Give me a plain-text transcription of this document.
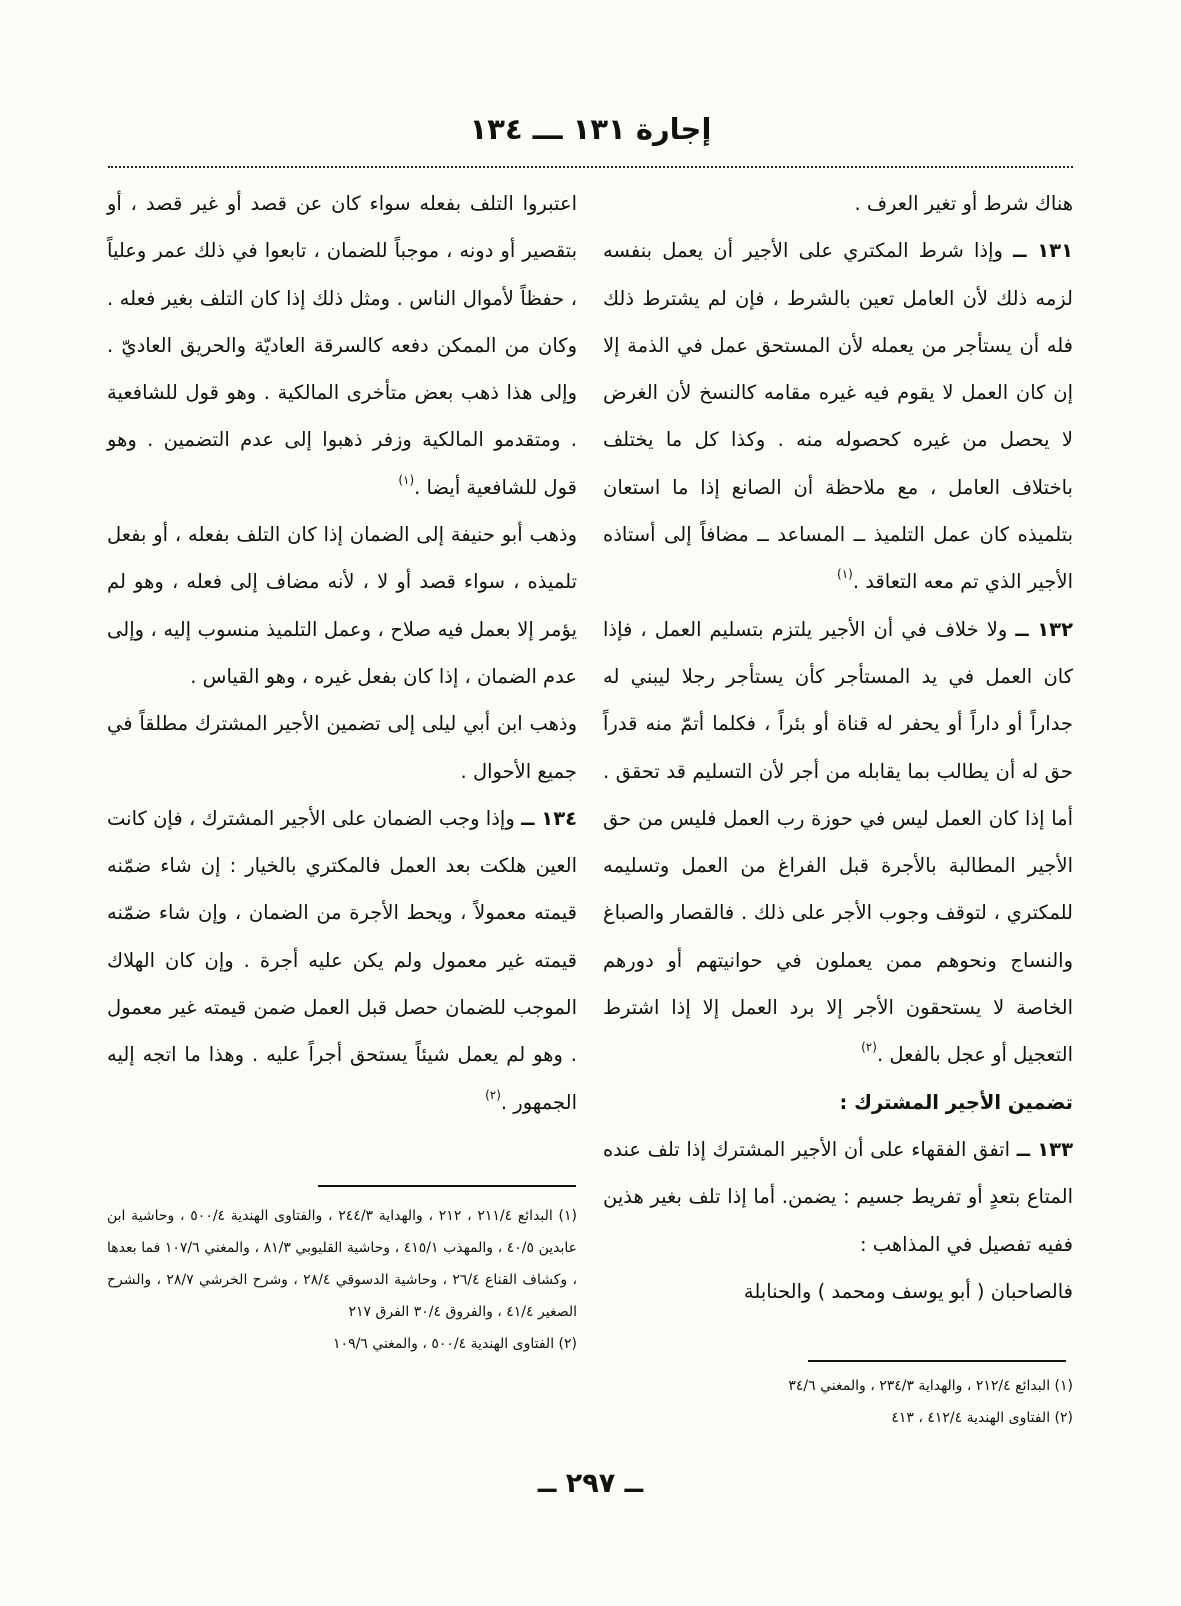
إجارة ١٣١ ـــ ١٣٤

هناك شرط أو تغير العرف .

١٣١ ــ وإذا شرط المكتري على الأجير أن يعمل بنفسه لزمه ذلك لأن العامل تعين بالشرط ، فإن لم يشترط ذلك فله أن يستأجر من يعمله لأن المستحق عمل في الذمة إلا إن كان العمل لا يقوم فيه غيره مقامه كالنسخ لأن الغرض لا يحصل من غيره كحصوله منه . وكذا كل ما يختلف باختلاف العامل ، مع ملاحظة أن الصانع إذا ما استعان بتلميذه كان عمل التلميذ ــ المساعد ــ مضافاً إلى أستاذه الأجير الذي تم معه التعاقد .$^{(١)}$

١٣٢ ــ ولا خلاف في أن الأجير يلتزم بتسليم العمل ، فإذا كان العمل في يد المستأجر كأن يستأجر رجلا ليبني له جداراً أو داراً أو يحفر له قناة أو بئراً ، فكلما أتمّ منه قدراً حق له أن يطالب بما يقابله من أجر لأن التسليم قد تحقق . أما إذا كان العمل ليس في حوزة رب العمل فليس من حق الأجير المطالبة بالأجرة قبل الفراغ من العمل وتسليمه للمكتري ، لتوقف وجوب الأجر على ذلك . فالقصار والصباغ والنساج ونحوهم ممن يعملون في حوانيتهم أو دورهم الخاصة لا يستحقون الأجر إلا برد العمل إلا إذا اشترط التعجيل أو عجل بالفعل .$^{(٢)}$

تضمين الأجير المشترك :

١٣٣ ــ اتفق الفقهاء على أن الأجير المشترك إذا تلف عنده المتاع بتعدٍ أو تفريط جسيم : يضمن. أما إذا تلف بغير هذين ففيه تفصيل في المذاهب :

فالصاحبان ( أبو يوسف ومحمد ) والحنابلة

اعتبروا التلف بفعله سواء كان عن قصد أو غير قصد ، أو بتقصير أو دونه ، موجباً للضمان ، تابعوا في ذلك عمر وعلياً ، حفظاً لأموال الناس . ومثل ذلك إذا كان التلف بغير فعله . وكان من الممكن دفعه كالسرقة العاديّة والحريق العاديّ . وإلى هذا ذهب بعض متأخرى المالكية . وهو قول للشافعية . ومتقدمو المالكية وزفر ذهبوا إلى عدم التضمين . وهو قول للشافعية أيضا .$^{(١)}$

وذهب أبو حنيفة إلى الضمان إذا كان التلف بفعله ، أو بفعل تلميذه ، سواء قصد أو لا ، لأنه مضاف إلى فعله ، وهو لم يؤمر إلا بعمل فيه صلاح ، وعمل التلميذ منسوب إليه ، وإلى عدم الضمان ، إذا كان بفعل غيره ، وهو القياس .

وذهب ابن أبي ليلى إلى تضمين الأجير المشترك مطلقاً في جميع الأحوال .

١٣٤ ــ وإذا وجب الضمان على الأجير المشترك ، فإن كانت العين هلكت بعد العمل فالمكتري بالخيار : إن شاء ضمّنه قيمته معمولاً ، ويحط الأجرة من الضمان ، وإن شاء ضمّنه قيمته غير معمول ولم يكن عليه أجرة . وإن كان الهلاك الموجب للضمان حصل قبل العمل ضمن قيمته غير معمول . وهو لم يعمل شيئاً يستحق أجراً عليه . وهذا ما اتجه إليه الجمهور .$^{(٢)}$

(١) البدائع ٢١١/٤ ، ٢١٢ ، والهداية ٢٤٤/٣ ، والفتاوى الهندية ٥٠٠/٤ ، وحاشية ابن عابدين ٤٠/٥ ، والمهذب ٤١٥/١ ، وحاشية القليوبي ٨١/٣ ، والمغني ١٠٧/٦ فما بعدها ، وكشاف القناع ٢٦/٤ ، وحاشية الدسوقي ٢٨/٤ ، وشرح الخرشي ٢٨/٧ ، والشرح الصغير ٤١/٤ ، والفروق ٣٠/٤ الفرق ٢١٧

(٢) الفتاوى الهندية ٥٠٠/٤ ، والمغني ١٠٩/٦

(١) البدائع ٢١٢/٤ ، والهداية ٢٣٤/٣ ، والمغني ٣٤/٦

(٢) الفتاوى الهندية ٤١٢/٤ ، ٤١٣

ــ ٢٩٧ ــ
